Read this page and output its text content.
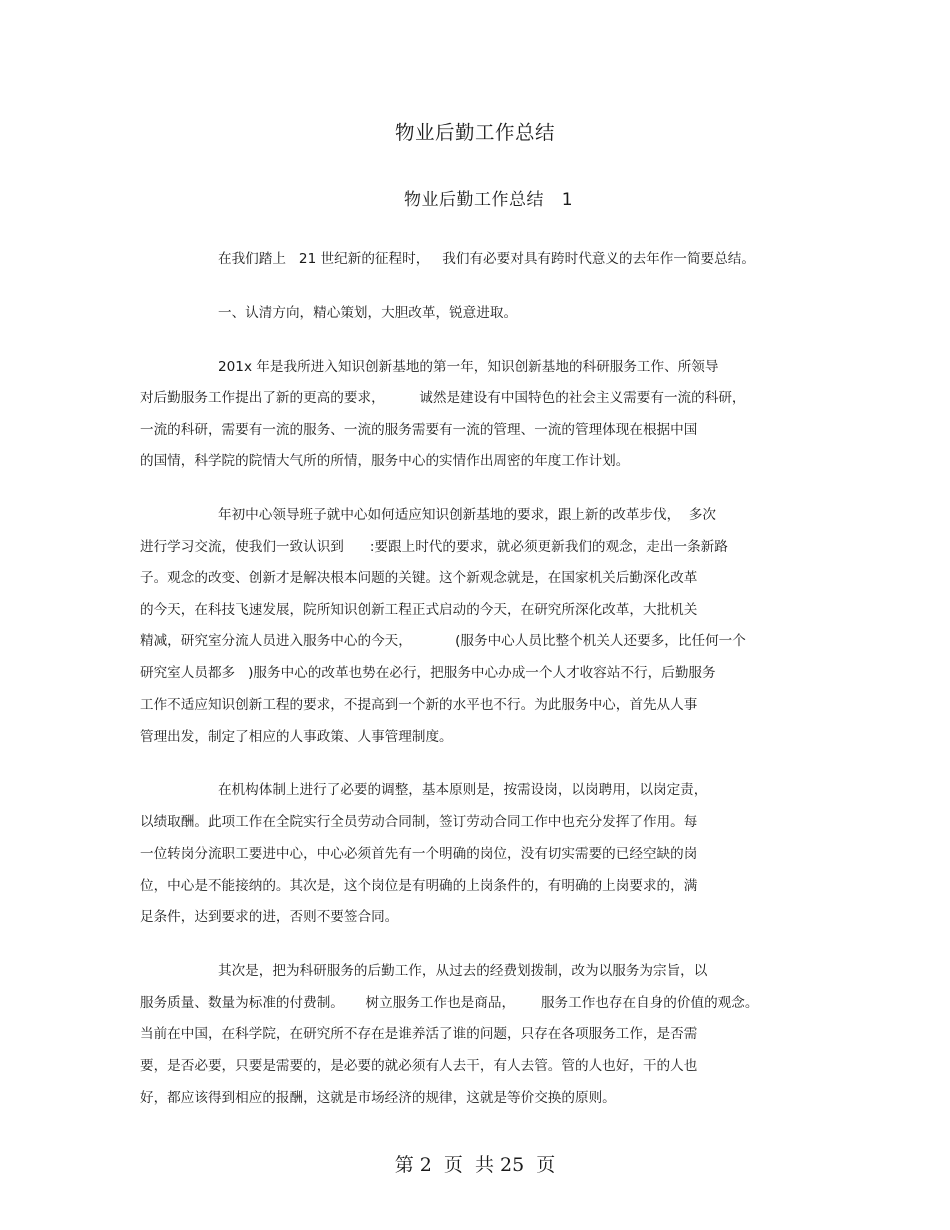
物业后勤工作总结
物业后勤工作总结   1
在我们踏上   21 世纪新的征程时，   我们有必要对具有跨时代意义的去年作一简要总结。
一、认清方向，精心策划，大胆改革，锐意进取。
201x 年是我所进入知识创新基地的第一年，知识创新基地的科研服务工作、所领导
对后勤服务工作提出了新的更高的要求，        诚然是建设有中国特色的社会主义需要有一流的科研，
一流的科研，需要有一流的服务、一流的服务需要有一流的管理、一流的管理体现在根据中国
的国情，科学院的院情大气所的所情，服务中心的实情作出周密的年度工作计划。
年初中心领导班子就中心如何适应知识创新基地的要求，跟上新的改革步伐，  多次
进行学习交流，使我们一致认识到      :要跟上时代的要求，就必须更新我们的观念，走出一条新路
子。观念的改变、创新才是解决根本问题的关键。这个新观念就是，在国家机关后勤深化改革
的今天，在科技飞速发展，院所知识创新工程正式启动的今天，在研究所深化改革，大批机关
精减，研究室分流人员进入服务中心的今天，          (服务中心人员比整个机关人还要多，比任何一个
研究室人员都多   )服务中心的改革也势在必行，把服务中心办成一个人才收容站不行，后勤服务
工作不适应知识创新工程的要求，不提高到一个新的水平也不行。为此服务中心，首先从人事
管理出发，制定了相应的人事政策、人事管理制度。
在机构体制上进行了必要的调整，基本原则是，按需设岗，以岗聘用，以岗定责，
以绩取酬。此项工作在全院实行全员劳动合同制，签订劳动合同工作中也充分发挥了作用。每
一位转岗分流职工要进中心，中心必须首先有一个明确的岗位，没有切实需要的已经空缺的岗
位，中心是不能接纳的。其次是，这个岗位是有明确的上岗条件的，有明确的上岗要求的，满
足条件，达到要求的进，否则不要签合同。
其次是，把为科研服务的后勤工作，从过去的经费划拨制，改为以服务为宗旨，以
服务质量、数量为标准的付费制。     树立服务工作也是商品，      服务工作也存在自身的价值的观念。
当前在中国，在科学院，在研究所不存在是谁养活了谁的问题，只存在各项服务工作，是否需
要，是否必要，只要是需要的，是必要的就必须有人去干，有人去管。管的人也好，干的人也
好，都应该得到相应的报酬，这就是市场经济的规律，这就是等价交换的原则。
第 2  页  共 25  页
